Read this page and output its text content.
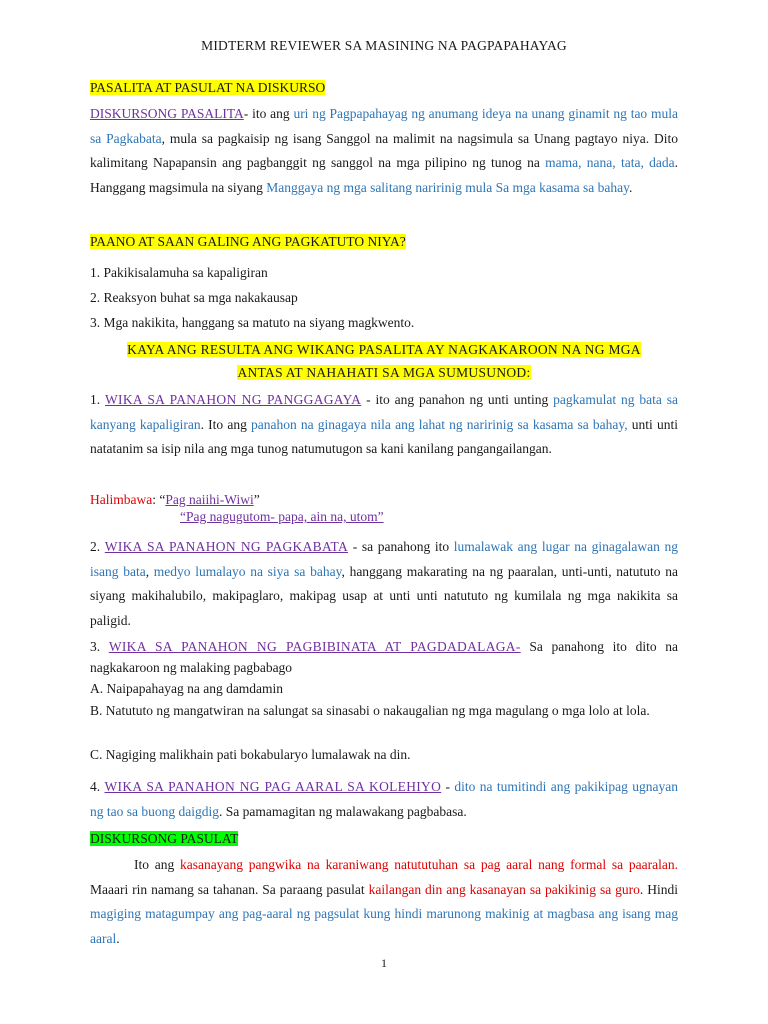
MIDTERM REVIEWER SA MASINING NA PAGPAPAHAYAG
PASALITA AT PASULAT NA DISKURSO
DISKURSONG PASALITA- ito ang uri ng Pagpapahayag ng anumang ideya na unang ginamit ng tao mula sa Pagkabata, mula sa pagkaisip ng isang Sanggol na malimit na nagsimula sa Unang pagtayo niya. Dito kalimitang Napapansin ang pagbanggit ng sanggol na mga pilipino ng tunog na mama, nana, tata, dada. Hanggang magsimula na siyang Manggaya ng mga salitang naririnig mula Sa mga kasama sa bahay.
PAANO AT SAAN GALING ANG PAGKATUTO NIYA?
1. Pakikisalamuha sa kapaligiran
2. Reaksyon buhat sa mga nakakausap
3. Mga nakikita, hanggang sa matuto na siyang magkwento.
KAYA ANG RESULTA ANG WIKANG PASALITA AY NAGKAKAROON NA NG MGA
ANTAS AT NAHAHATI SA MGA SUMUSUNOD:
1. WIKA SA PANAHON NG PANGGAGAYA - ito ang panahon ng unti unting pagkamulat ng bata sa kanyang kapaligiran. Ito ang panahon na ginagaya nila ang lahat ng naririnig sa kasama sa bahay, unti unti natatanim sa isip nila ang mga tunog natumutugon sa kani kanilang pangangailangan.
Halimbawa: “Pag naiihi-Wiwi”
“Pag nagugutom- papa, ain na, utom”
2. WIKA SA PANAHON NG PAGKABATA - sa panahong ito lumalawak ang lugar na ginagalawan ng isang bata, medyo lumalayo na siya sa bahay, hanggang makarating na ng paaralan, unti-unti, natututo na siyang makihalubilo, makipaglaro, makipag usap at unti unti natututo ng kumilala ng mga nakikita sa paligid.
3. WIKA SA PANAHON NG PAGBIBINATA AT PAGDADALAGA- Sa panahong ito dito na nagkakaroon ng malaking pagbabago
A. Naipapahayag na ang damdamin
B. Natututo ng mangatwiran na salungat sa sinasabi o nakaugalian ng mga magulang o mga lolo at lola.
C. Nagiging malikhain pati bokabularyo lumalawak na din.
4. WIKA SA PANAHON NG PAG AARAL SA KOLEHIYO - dito na tumitindi ang pakikipag ugnayan ng tao sa buong daigdig. Sa pamamagitan ng malawakang pagbabasa.
DISKURSONG PASULAT
Ito ang kasanayang pangwika na karaniwang natututuhan sa pag aaral nang formal sa paaralan. Maaari rin namang sa tahanan. Sa paraang pasulat kailangan din ang kasanayan sa pakikinig sa guro. Hindi magiging matagumpay ang pag-aaral ng pagsulat kung hindi marunong makinig at magbasa ang isang mag aaral.
1
